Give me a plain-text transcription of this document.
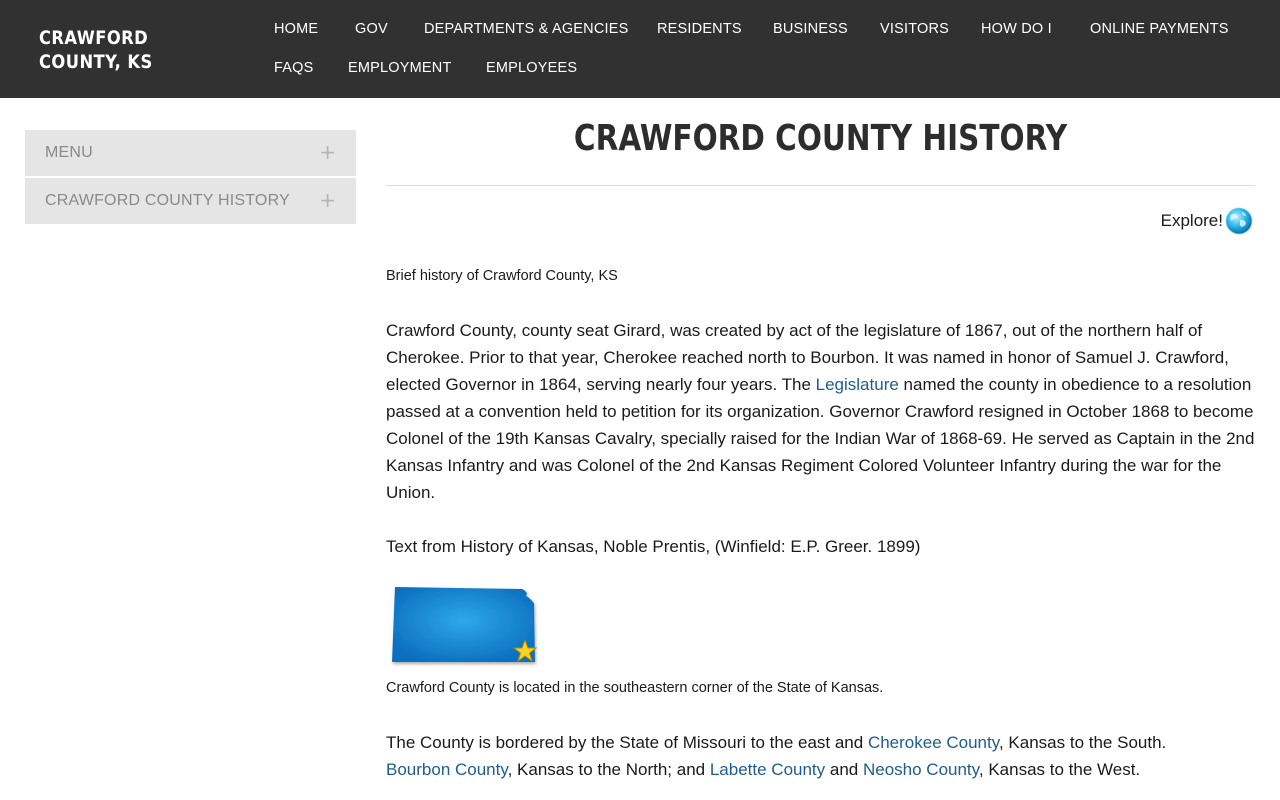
CRAWFORD COUNTY, KS
HOME	GOV DEPARTMENTS & AGENCIES RESIDENTS BUSINESS VISITORS HOW DO I	ONLINE PAYMENTS
FAQS EMPLOYMENT EMPLOYEES
MENU	+
CRAWFORD COUNTY HISTORY +
CRAWFORD COUNTY HISTORY
Explore!
Brief history of Crawford County, KS
Crawford County, county seat Girard, was created by act of the legislature of 1867, out of the northern half of Cherokee. Prior to that year, Cherokee reached north to Bourbon. It was named in honor of Samuel J. Crawford, elected Governor in 1864, serving nearly four years. The Legislature named the county in obedience to a resolution passed at a convention held to petition for its organization. Governor Crawford resigned in October 1868 to become Colonel of the 19th Kansas Cavalry, specially raised for the Indian War of 1868-69. He served as Captain in the 2nd Kansas Infantry and was Colonel of the 2nd Kansas Regiment Colored Volunteer Infantry during the war for the Union.
Text from History of Kansas, Noble Prentis, (Winfield: E.P. Greer. 1899)
Crawford County is located in the southeastern corner of the State of Kansas.
The County is bordered by the State of Missouri to the east and Cherokee County, Kansas to the South.
Bourbon County, Kansas to the North; and Labette County and Neosho County, Kansas to the West.
